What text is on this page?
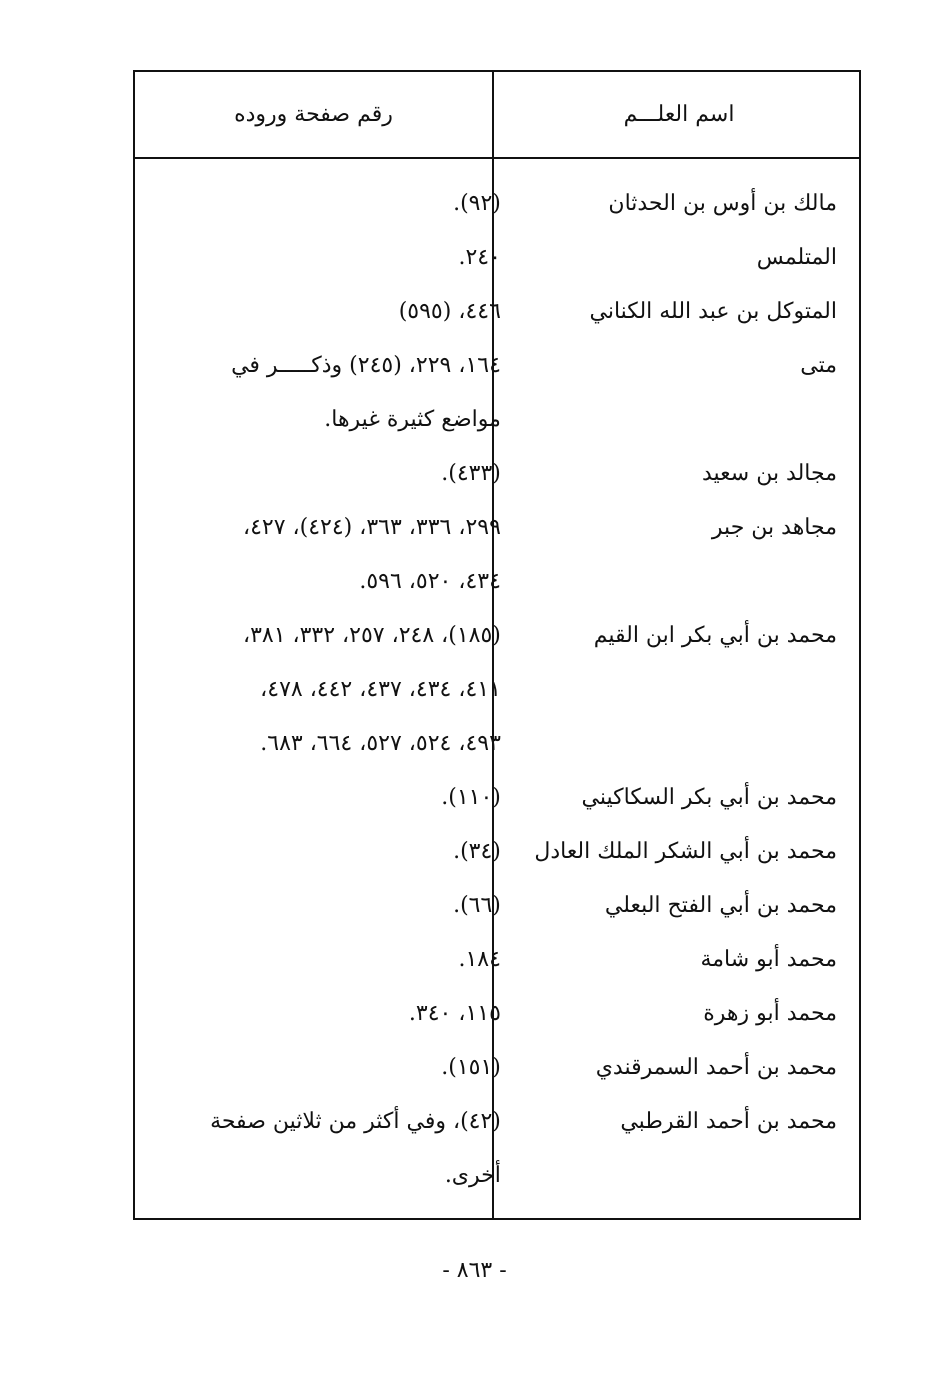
اسم العلـــم
رقم صفحة وروده
مالك بن أوس بن الحدثان
(٩٢).
المتلمس
٢٤٠.
المتوكل بن عبد الله الكناني
٤٤٦، (٥٩٥)
متى
١٦٤، ٢٢٩، (٢٤٥) وذكـــــر في
مواضع كثيرة غيرها.
مجالد بن سعيد
(٤٣٣).
مجاهد بن جبر
٢٩٩، ٣٣٦، ٣٦٣، (٤٢٤)، ٤٢٧،
٤٣٤، ٥٢٠، ٥٩٦.
محمد بن أبي بكر ابن القيم
(١٨٥)، ٢٤٨، ٢٥٧، ٣٣٢، ٣٨١،
٤١١، ٤٣٤، ٤٣٧، ٤٤٢، ٤٧٨،
٤٩٣، ٥٢٤، ٥٢٧، ٦٦٤، ٦٨٣.
محمد بن أبي بكر السكاكيني
(١١٠).
محمد بن أبي الشكر الملك العادل
(٣٤).
محمد بن أبي الفتح البعلي
(٦٦).
محمد أبو شامة
١٨٤.
محمد أبو زهرة
١١٥، ٣٤٠.
محمد بن أحمد السمرقندي
(١٥١).
محمد بن أحمد القرطبي
(٤٢)، وفي أكثر من ثلاثين صفحة
أخرى.
- ٨٦٣ -
